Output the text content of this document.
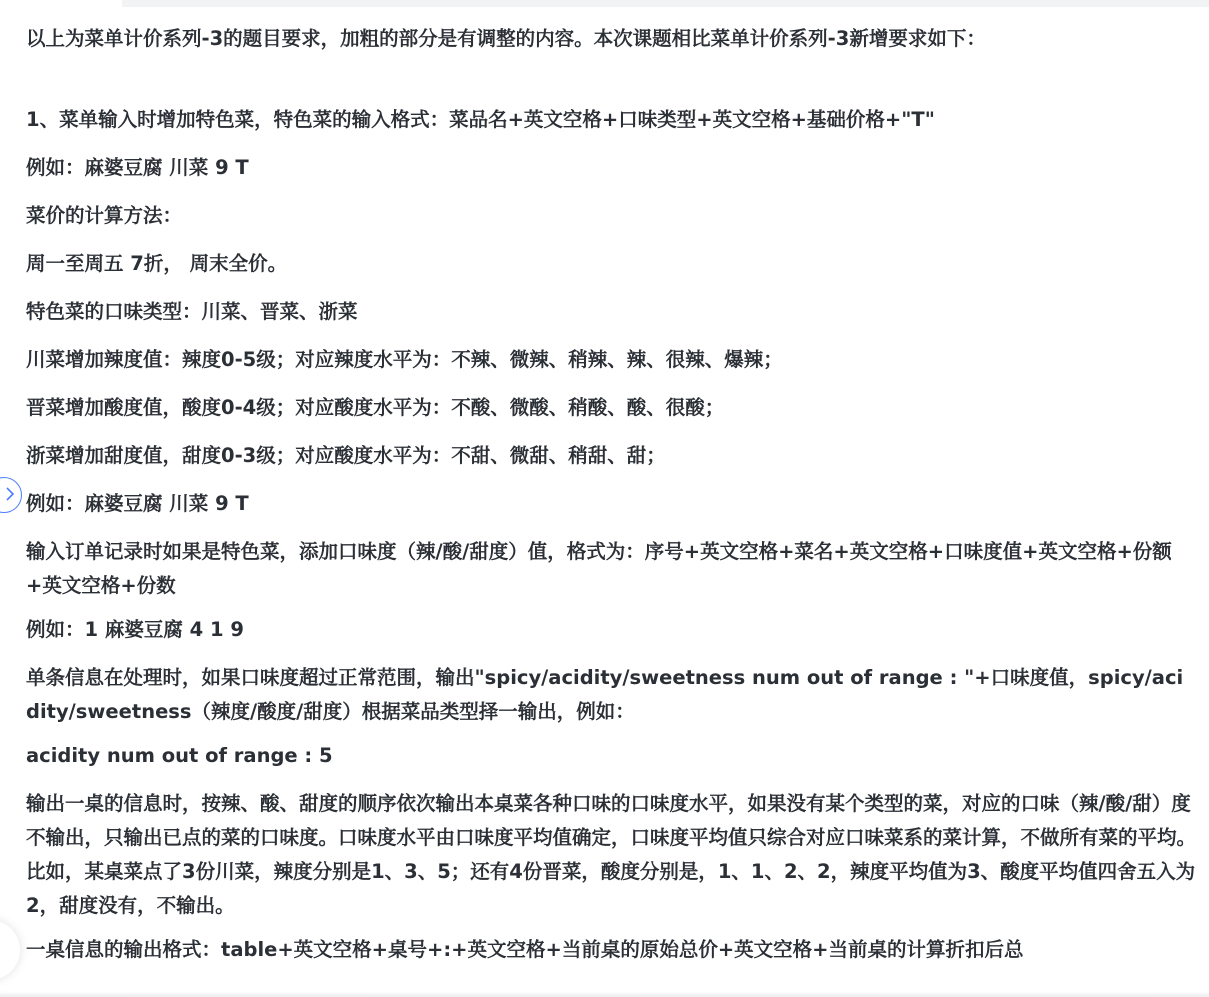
以上为菜单计价系列-3的题目要求，加粗的部分是有调整的内容。本次课题相比菜单计价系列-3新增要求如下：

1、菜单输入时增加特色菜，特色菜的输入格式：菜品名+英文空格+口味类型+英文空格+基础价格+"T"

例如：麻婆豆腐 川菜 9 T

菜价的计算方法：

周一至周五 7折， 周末全价。

特色菜的口味类型：川菜、晋菜、浙菜

川菜增加辣度值：辣度0-5级；对应辣度水平为：不辣、微辣、稍辣、辣、很辣、爆辣；

晋菜增加酸度值，酸度0-4级；对应酸度水平为：不酸、微酸、稍酸、酸、很酸；

浙菜增加甜度值，甜度0-3级；对应酸度水平为：不甜、微甜、稍甜、甜；

例如：麻婆豆腐 川菜 9 T

输入订单记录时如果是特色菜，添加口味度（辣/酸/甜度）值，格式为：序号+英文空格+菜名+英文空格+口味度值+英文空格+份额+英文空格+份数

例如：1 麻婆豆腐 4 1 9

单条信息在处理时，如果口味度超过正常范围，输出"spicy/acidity/sweetness num out of range : "+口味度值，spicy/acidity/sweetness（辣度/酸度/甜度）根据菜品类型择一输出，例如：

acidity num out of range : 5

输出一桌的信息时，按辣、酸、甜度的顺序依次输出本桌菜各种口味的口味度水平，如果没有某个类型的菜，对应的口味（辣/酸/甜）度不输出，只输出已点的菜的口味度。口味度水平由口味度平均值确定，口味度平均值只综合对应口味菜系的菜计算，不做所有菜的平均。比如，某桌菜点了3份川菜，辣度分别是1、3、5；还有4份晋菜，酸度分别是，1、1、2、2，辣度平均值为3、酸度平均值四舍五入为2，甜度没有，不输出。

一桌信息的输出格式：table+英文空格+桌号+:+英文空格+当前桌的原始总价+英文空格+当前桌的计算折扣后总
